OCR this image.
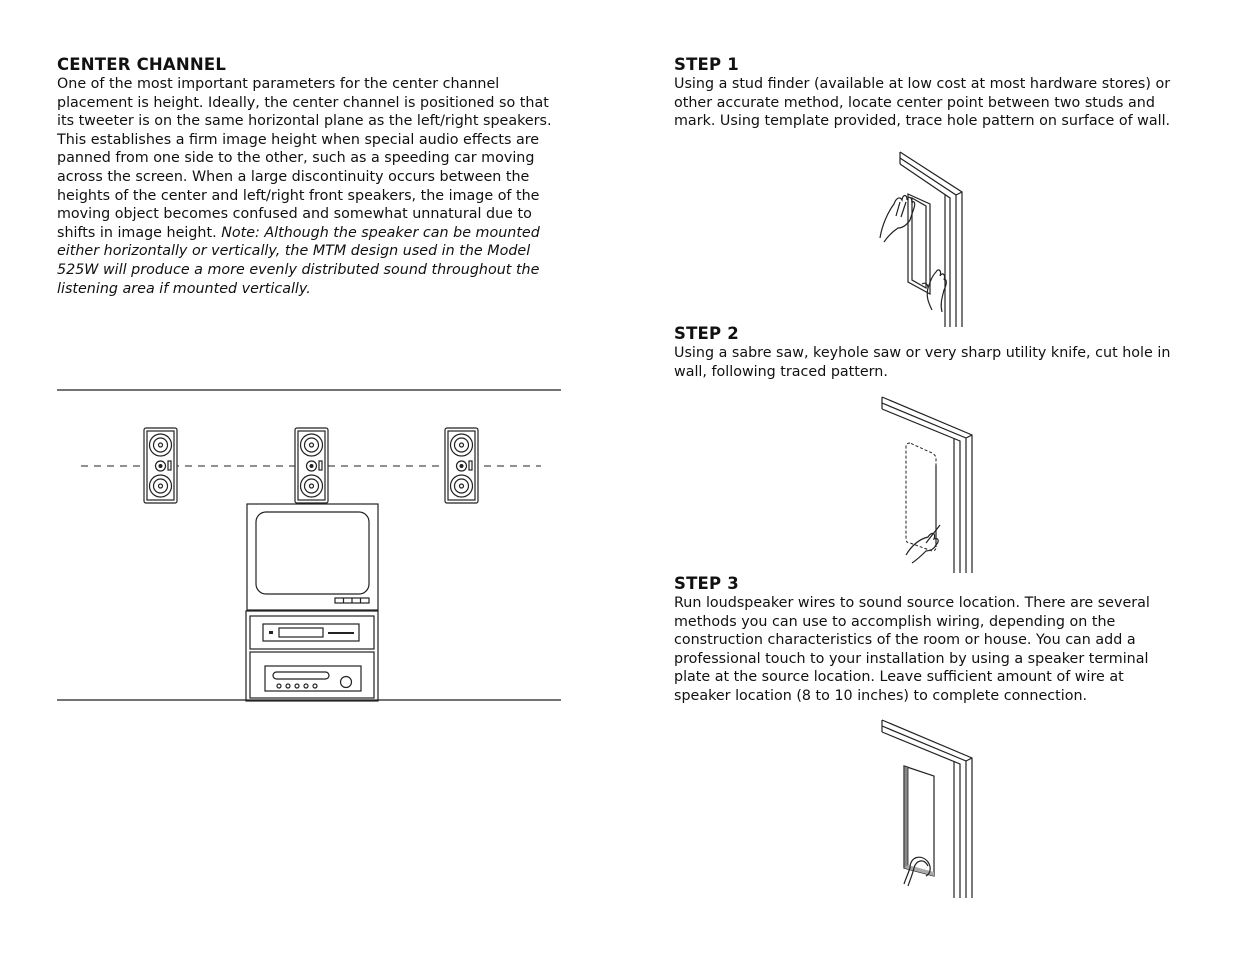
CENTER CHANNEL

One of the most important parameters for the center channel placement is height. Ideally, the center channel is positioned so that its tweeter is on the same horizontal plane as the left/right speakers. This establishes a firm image height when special audio effects are panned from one side to the other, such as a speeding car moving across the screen. When a large discontinuity occurs between the heights of the center and left/right front speakers, the image of the moving object becomes confused and somewhat unnatural due to shifts in image height. Note: Although the speaker can be mounted either horizontally or vertically, the MTM design used in the Model 525W will produce a more evenly distributed sound throughout the listening area if mounted vertically.

STEP 1

Using a stud finder (available at low cost at most hardware stores) or other accurate method, locate center point between two studs and mark. Using template provided, trace hole pattern on surface of wall.

STEP 2

Using a sabre saw, keyhole saw or very sharp utility knife, cut hole in wall, following traced pattern.

STEP 3

Run loudspeaker wires to sound source location. There are several methods you can use to accomplish wiring, depending on the construction characteristics of the room or house. You can add a professional touch to your installation by using a speaker terminal plate at the source location. Leave sufficient amount of wire at speaker location (8 to 10 inches) to complete connection.
